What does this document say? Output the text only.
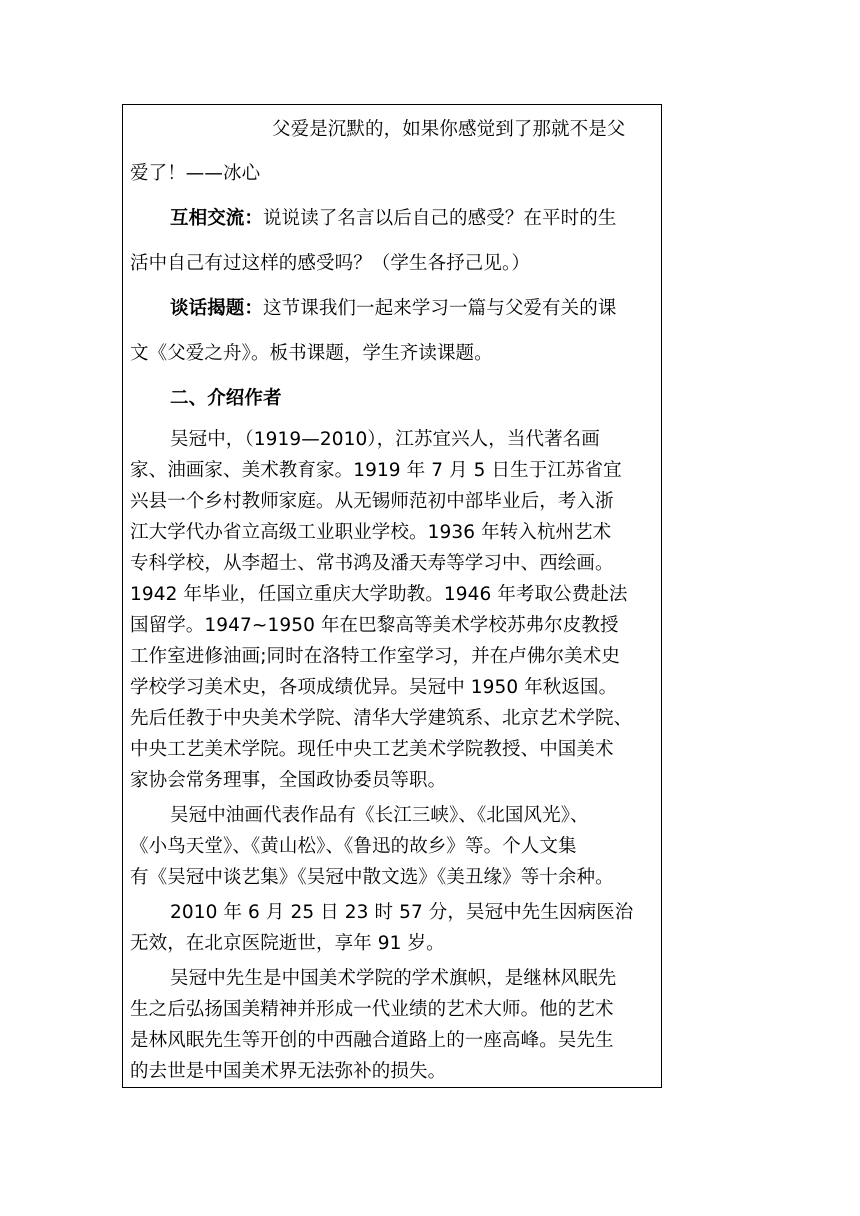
父爱是沉默的，如果你感觉到了那就不是父
爱了！——冰心
互相交流：说说读了名言以后自己的感受？在平时的生
活中自己有过这样的感受吗？（学生各抒己见。）
谈话揭题：这节课我们一起来学习一篇与父爱有关的课
文《父爱之舟》。板书课题，学生齐读课题。
二、介绍作者
吴冠中，（1919—2010），江苏宜兴人，当代著名画
家、油画家、美术教育家。1919 年 7 月 5 日生于江苏省宜
兴县一个乡村教师家庭。从无锡师范初中部毕业后，考入浙
江大学代办省立高级工业职业学校。1936 年转入杭州艺术
专科学校，从李超士、常书鸿及潘天寿等学习中、西绘画。
1942 年毕业，任国立重庆大学助教。1946 年考取公费赴法
国留学。1947~1950 年在巴黎高等美术学校苏弗尔皮教授
工作室进修油画;同时在洛特工作室学习，并在卢佛尔美术史
学校学习美术史，各项成绩优异。吴冠中 1950 年秋返国。
先后任教于中央美术学院、清华大学建筑系、北京艺术学院、
中央工艺美术学院。现任中央工艺美术学院教授、中国美术
家协会常务理事，全国政协委员等职。
吴冠中油画代表作品有《长江三峡》、《北国风光》、
《小鸟天堂》、《黄山松》、《鲁迅的故乡》等。个人文集
有《吴冠中谈艺集》《吴冠中散文选》《美丑缘》等十余种。
2010 年 6 月 25 日 23 时 57 分，吴冠中先生因病医治
无效，在北京医院逝世，享年 91 岁。
吴冠中先生是中国美术学院的学术旗帜，是继林风眠先
生之后弘扬国美精神并形成一代业绩的艺术大师。他的艺术
是林风眠先生等开创的中西融合道路上的一座高峰。吴先生
的去世是中国美术界无法弥补的损失。
